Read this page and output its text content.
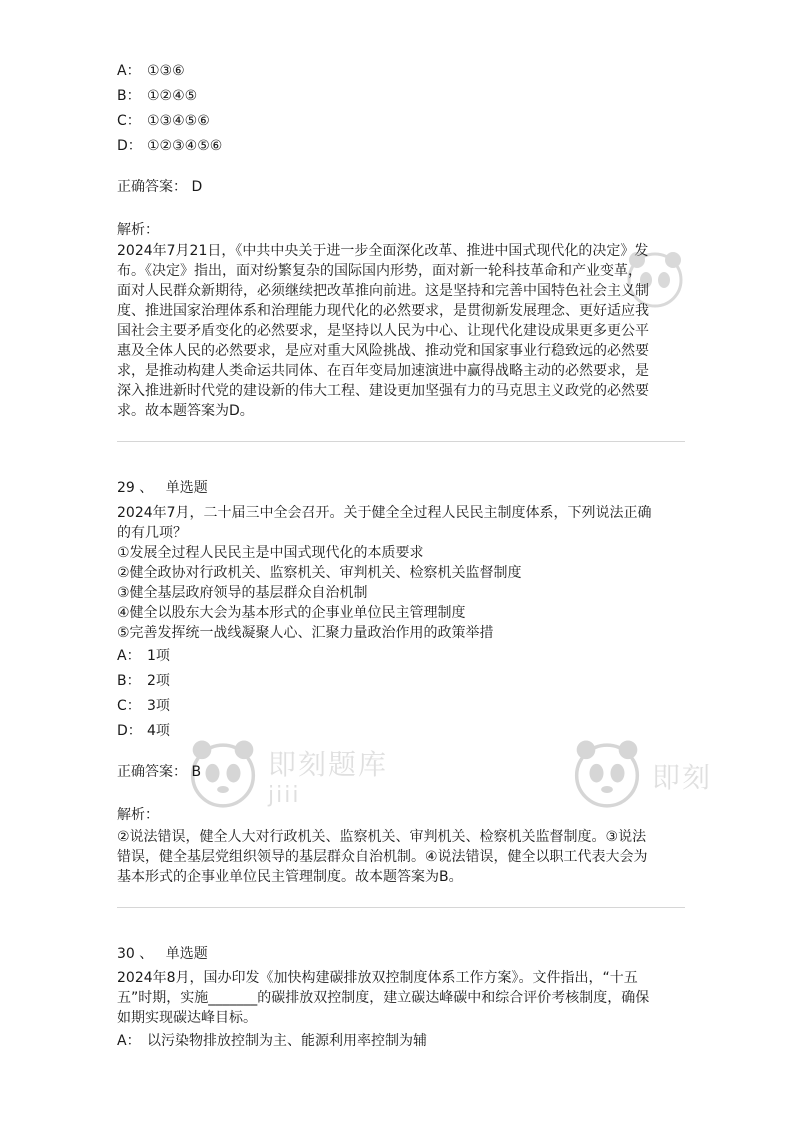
即刻题库
jiii
即刻
A： ①③⑥
B： ①②④⑤
C： ①③④⑤⑥
D： ①②③④⑤⑥
正确答案： D
解析：
2024年7月21日，《中共中央关于进一步全面深化改革、推进中国式现代化的决定》发
布。《决定》指出，面对纷繁复杂的国际国内形势，面对新一轮科技革命和产业变革，
面对人民群众新期待，必须继续把改革推向前进。这是坚持和完善中国特色社会主义制
度、推进国家治理体系和治理能力现代化的必然要求，是贯彻新发展理念、更好适应我
国社会主要矛盾变化的必然要求，是坚持以人民为中心、让现代化建设成果更多更公平
惠及全体人民的必然要求，是应对重大风险挑战、推动党和国家事业行稳致远的必然要
求，是推动构建人类命运共同体、在百年变局加速演进中赢得战略主动的必然要求，是
深入推进新时代党的建设新的伟大工程、建设更加坚强有力的马克思主义政党的必然要
求。故本题答案为D。
29 、 单选题
2024年7月，二十届三中全会召开。关于健全全过程人民民主制度体系，下列说法正确
的有几项？
①发展全过程人民民主是中国式现代化的本质要求
②健全政协对行政机关、监察机关、审判机关、检察机关监督制度
③健全基层政府领导的基层群众自治机制
④健全以股东大会为基本形式的企事业单位民主管理制度
⑤完善发挥统一战线凝聚人心、汇聚力量政治作用的政策举措
A： 1项
B： 2项
C： 3项
D： 4项
正确答案： B
解析：
②说法错误，健全人大对行政机关、监察机关、审判机关、检察机关监督制度。③说法
错误，健全基层党组织领导的基层群众自治机制。④说法错误，健全以职工代表大会为
基本形式的企事业单位民主管理制度。故本题答案为B。
30 、 单选题
2024年8月，国办印发《加快构建碳排放双控制度体系工作方案》。文件指出，“十五
五”时期，实施_______的碳排放双控制度，建立碳达峰碳中和综合评价考核制度，确保
如期实现碳达峰目标。
A： 以污染物排放控制为主、能源利用率控制为辅
